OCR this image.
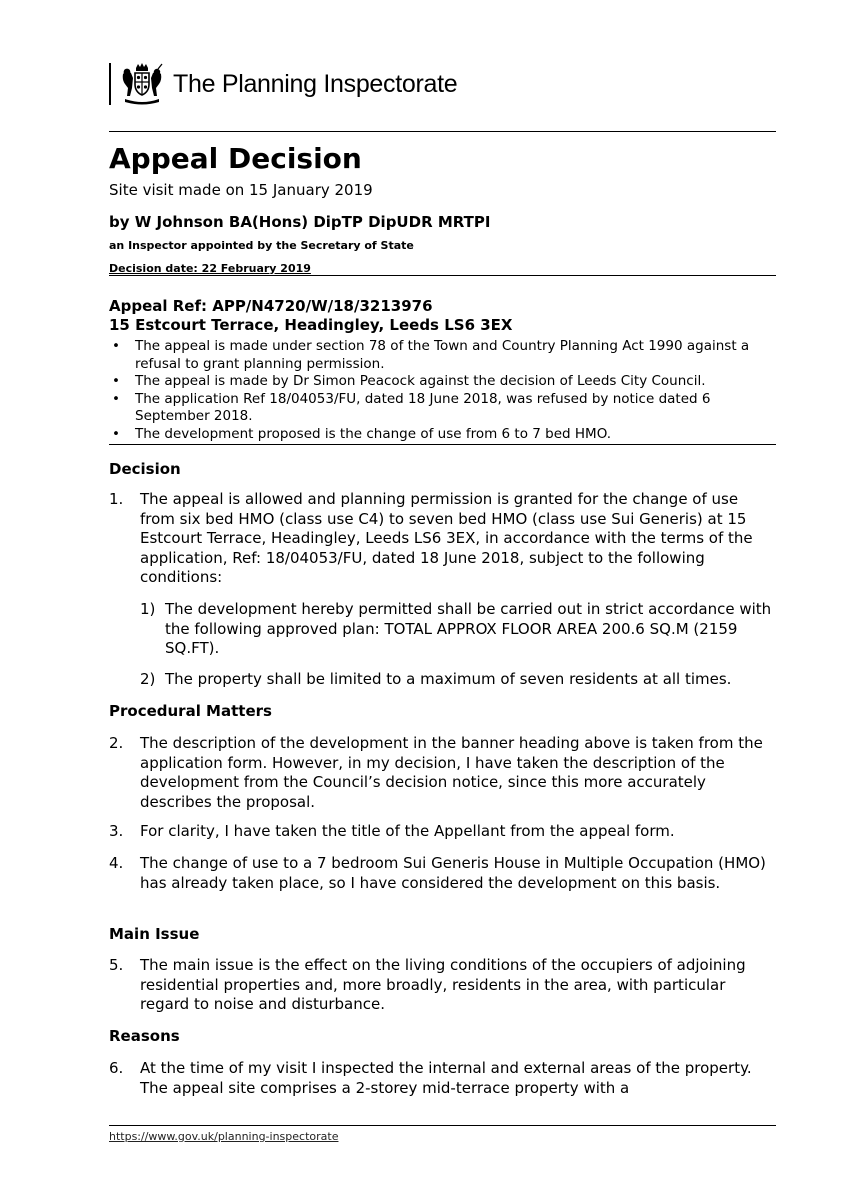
The Planning Inspectorate
Appeal Decision
Site visit made on 15 January 2019
by W Johnson BA(Hons) DipTP DipUDR MRTPI
an Inspector appointed by the Secretary of State
Decision date: 22 February 2019
Appeal Ref: APP/N4720/W/18/3213976
15 Estcourt Terrace, Headingley, Leeds LS6 3EX
• The appeal is made under section 78 of the Town and Country Planning Act 1990 against a refusal to grant planning permission.
• The appeal is made by Dr Simon Peacock against the decision of Leeds City Council.
• The application Ref 18/04053/FU, dated 18 June 2018, was refused by notice dated 6 September 2018.
• The development proposed is the change of use from 6 to 7 bed HMO.
Decision
1. The appeal is allowed and planning permission is granted for the change of use from six bed HMO (class use C4) to seven bed HMO (class use Sui Generis) at 15 Estcourt Terrace, Headingley, Leeds LS6 3EX, in accordance with the terms of the application, Ref: 18/04053/FU, dated 18 June 2018, subject to the following conditions:
1) The development hereby permitted shall be carried out in strict accordance with the following approved plan: TOTAL APPROX FLOOR AREA 200.6 SQ.M (2159 SQ.FT).
2) The property shall be limited to a maximum of seven residents at all times.
Procedural Matters
2. The description of the development in the banner heading above is taken from the application form. However, in my decision, I have taken the description of the development from the Council’s decision notice, since this more accurately describes the proposal.
3. For clarity, I have taken the title of the Appellant from the appeal form.
4. The change of use to a 7 bedroom Sui Generis House in Multiple Occupation (HMO) has already taken place, so I have considered the development on this basis.
Main Issue
5. The main issue is the effect on the living conditions of the occupiers of adjoining residential properties and, more broadly, residents in the area, with particular regard to noise and disturbance.
Reasons
6. At the time of my visit I inspected the internal and external areas of the property. The appeal site comprises a 2-storey mid-terrace property with a
https://www.gov.uk/planning-inspectorate
